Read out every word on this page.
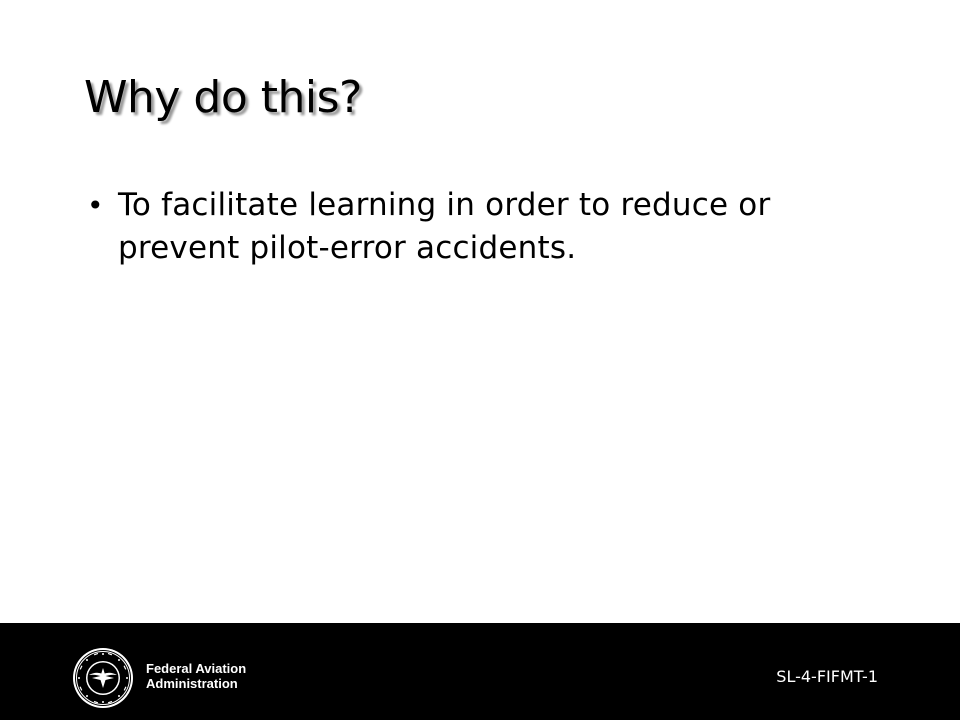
Why do this?
• To facilitate learning in order to reduce or prevent pilot-error accidents.
Federal Aviation
Administration	SL-4-FIFMT-1
